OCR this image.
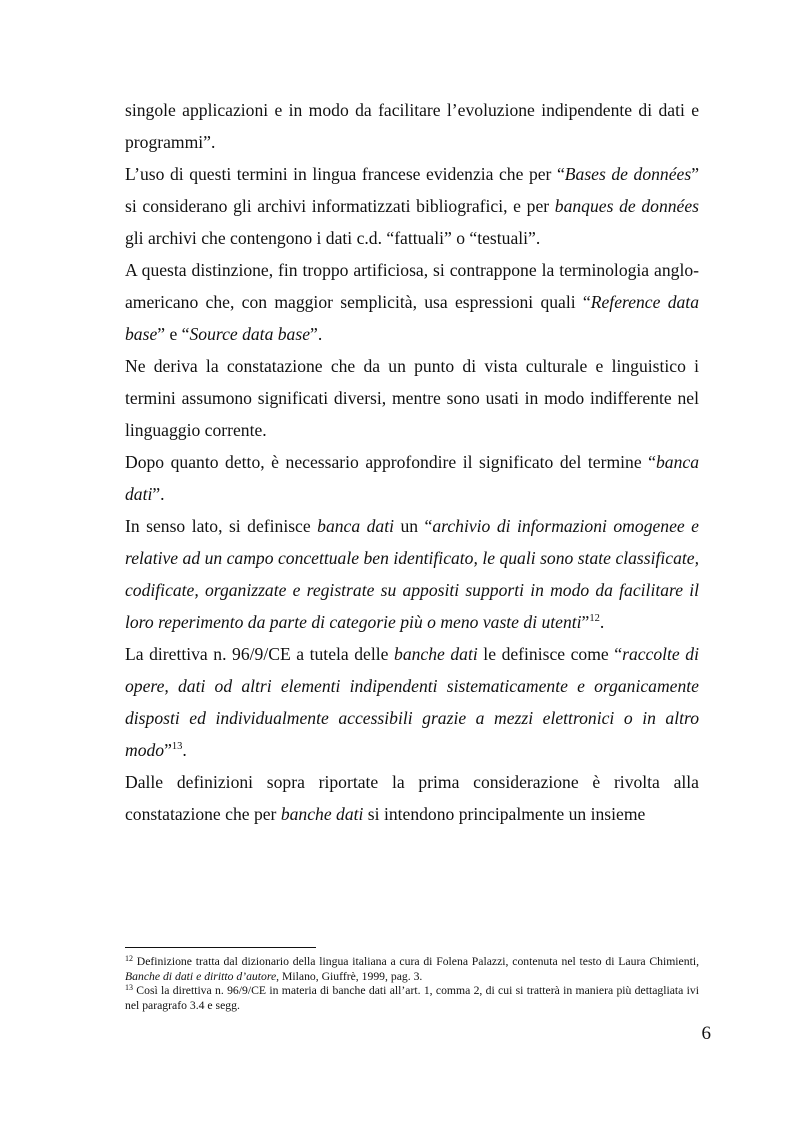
singole applicazioni e in modo da facilitare l’evoluzione indipendente di dati e programmi”.

L’uso di questi termini in lingua francese evidenzia che per “Bases de données” si considerano gli archivi informatizzati bibliografici, e per banques de données gli archivi che contengono i dati c.d. “fattuali” o “testuali”.

A questa distinzione, fin troppo artificiosa, si contrappone la terminologia anglo-americano che, con maggior semplicità, usa espressioni quali “Reference data base” e “Source data base”.

Ne deriva la constatazione che da un punto di vista culturale e linguistico i termini assumono significati diversi, mentre sono usati in modo indifferente nel linguaggio corrente.

Dopo quanto detto, è necessario approfondire il significato del termine “banca dati”.

In senso lato, si definisce banca dati un “archivio di informazioni omogenee e relative ad un campo concettuale ben identificato, le quali sono state classificate, codificate, organizzate e registrate su appositi supporti in modo da facilitare il loro reperimento da parte di categorie più o meno vaste di utenti”$^{12}$.

La direttiva n. 96/9/CE a tutela delle banche dati le definisce come “raccolte di opere, dati od altri elementi indipendenti sistematicamente e organicamente disposti ed individualmente accessibili grazie a mezzi elettronici o in altro modo”$^{13}$.

Dalle definizioni sopra riportate la prima considerazione è rivolta alla constatazione che per banche dati si intendono principalmente un insieme

$^{12}$ Definizione tratta dal dizionario della lingua italiana a cura di Folena Palazzi, contenuta nel testo di Laura Chimienti, Banche di dati e diritto d’autore, Milano, Giuffrè, 1999, pag. 3.

$^{13}$ Così la direttiva n. 96/9/CE in materia di banche dati all’art. 1, comma 2, di cui si tratterà in maniera più dettagliata ivi nel paragrafo 3.4 e segg.

6
